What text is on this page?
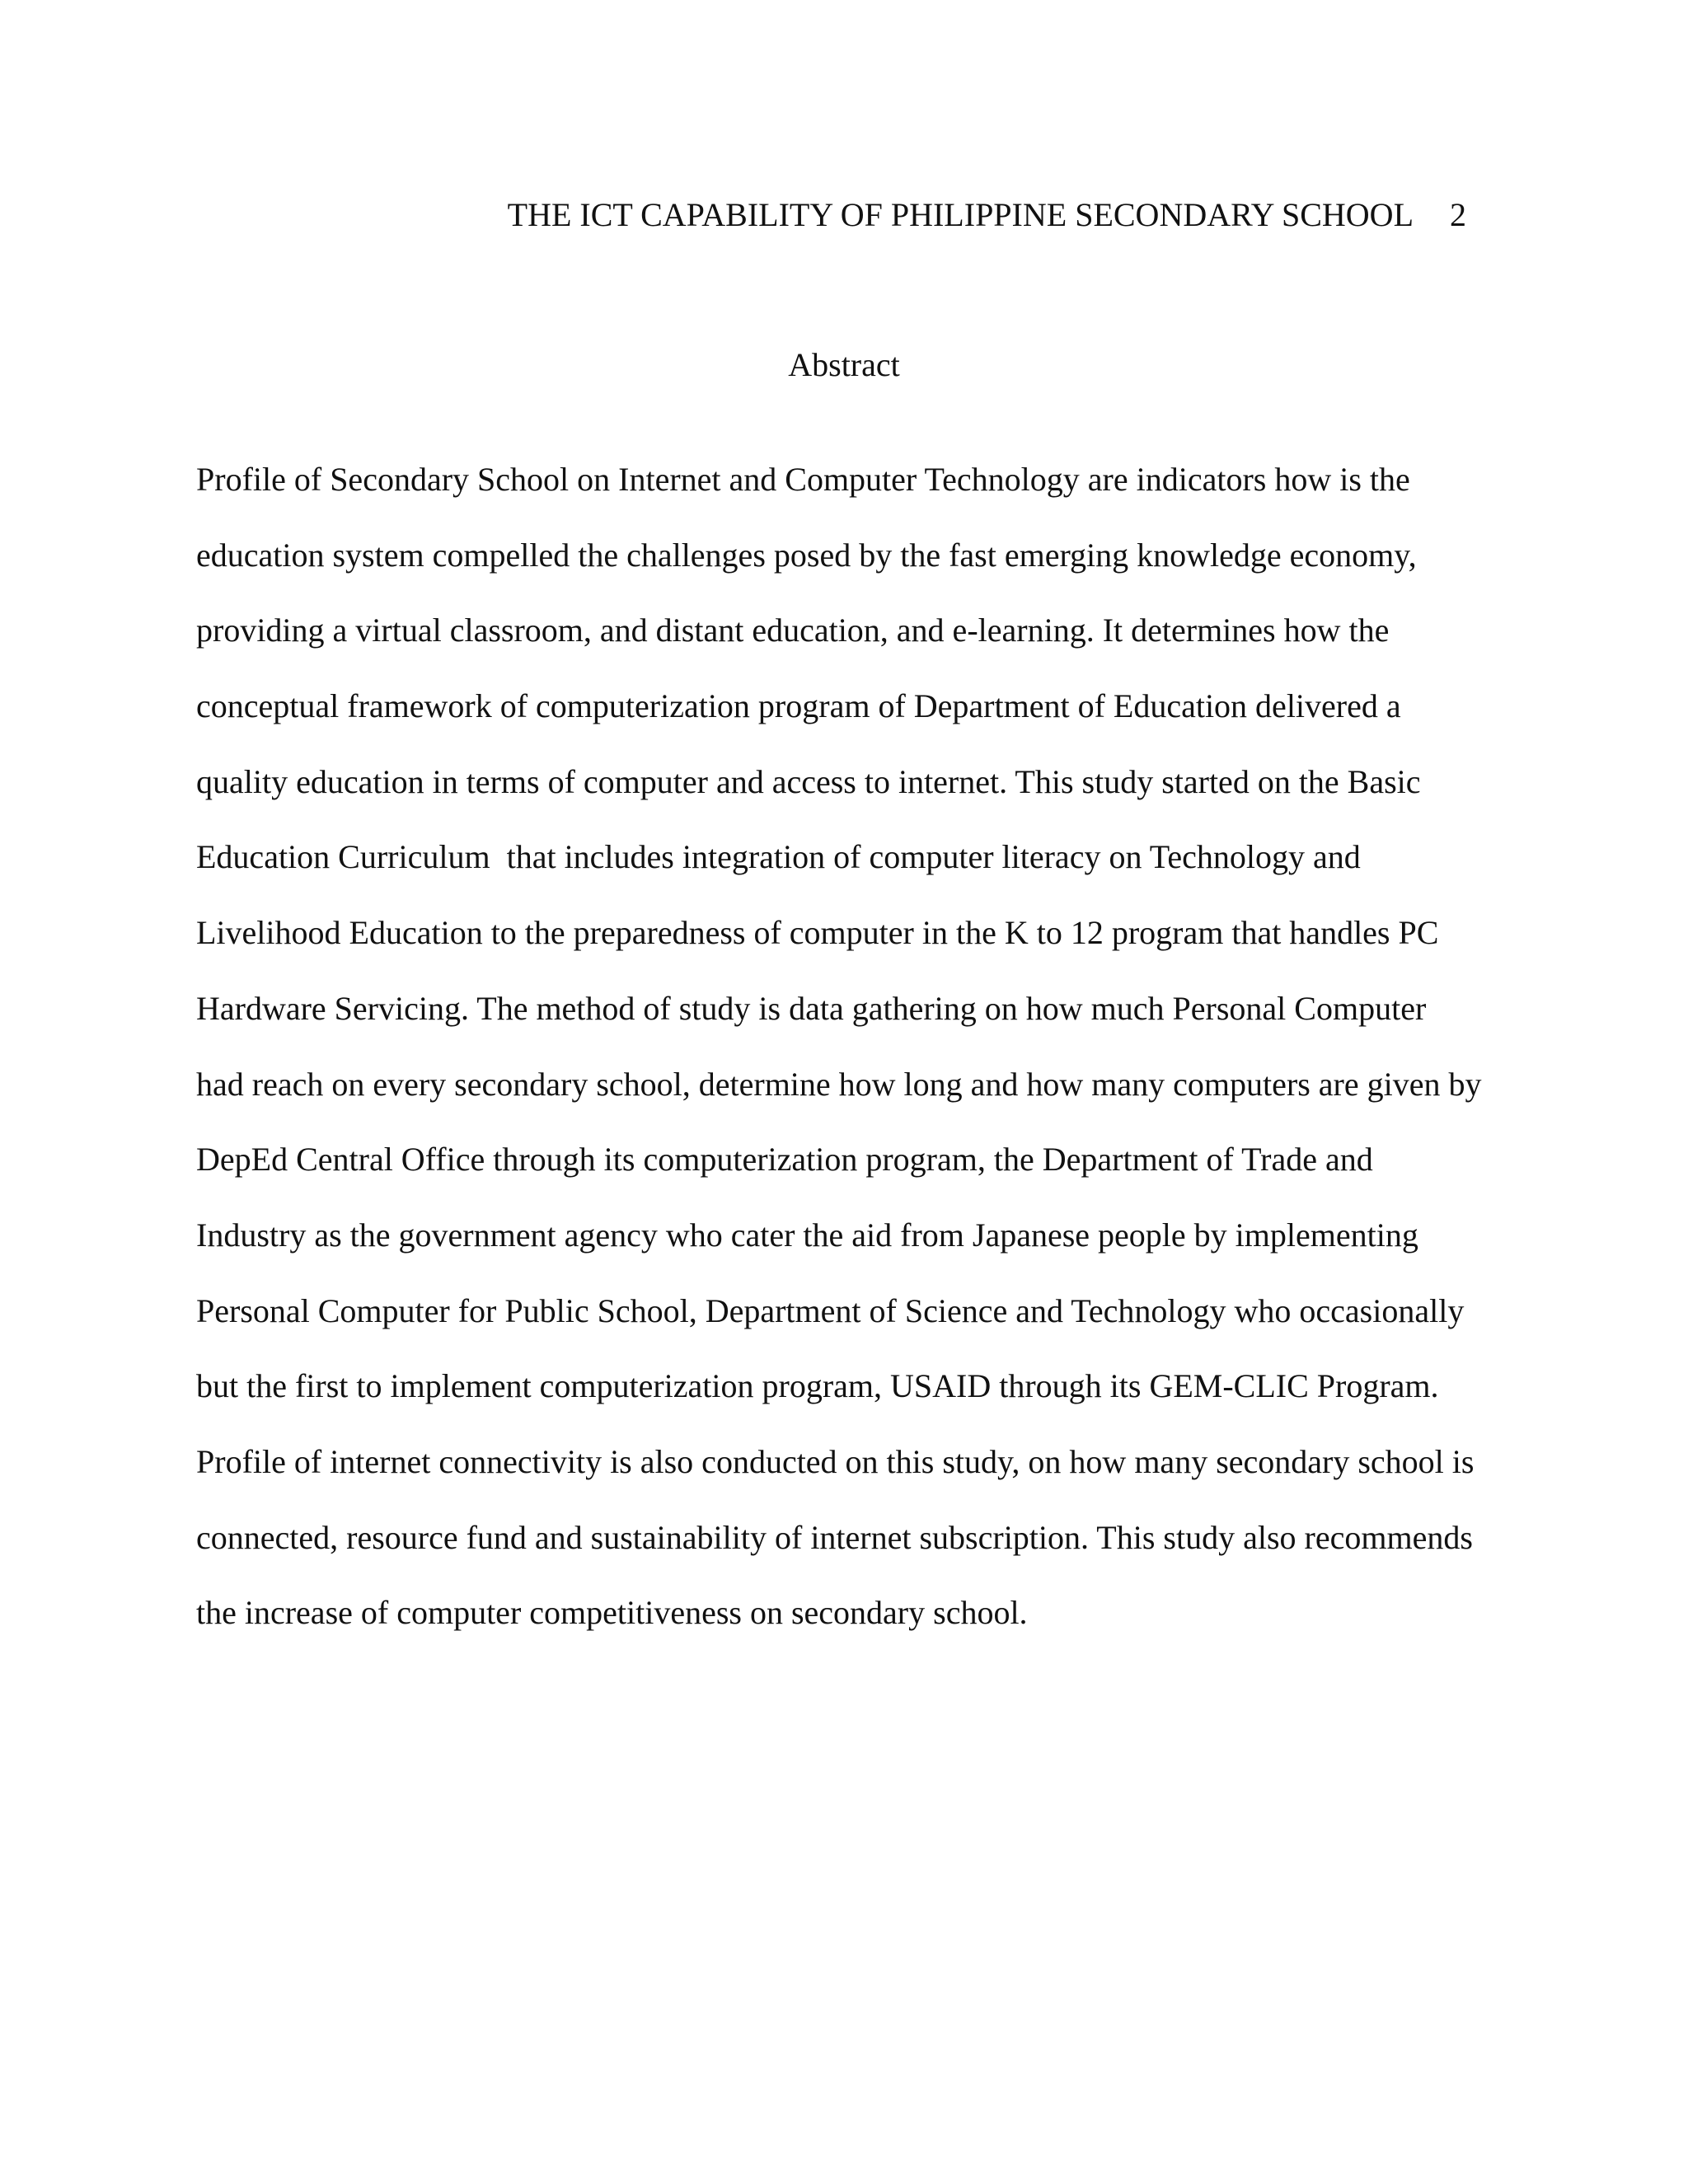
THE ICT CAPABILITY OF PHILIPPINE SECONDARY SCHOOL 2
Abstract
Profile of Secondary School on Internet and Computer Technology are indicators how is the
education system compelled the challenges posed by the fast emerging knowledge economy,
providing a virtual classroom, and distant education, and e-learning. It determines how the
conceptual framework of computerization program of Department of Education delivered a
quality education in terms of computer and access to internet. This study started on the Basic
Education Curriculum  that includes integration of computer literacy on Technology and
Livelihood Education to the preparedness of computer in the K to 12 program that handles PC
Hardware Servicing. The method of study is data gathering on how much Personal Computer
had reach on every secondary school, determine how long and how many computers are given by
DepEd Central Office through its computerization program, the Department of Trade and
Industry as the government agency who cater the aid from Japanese people by implementing
Personal Computer for Public School, Department of Science and Technology who occasionally
but the first to implement computerization program, USAID through its GEM-CLIC Program.
Profile of internet connectivity is also conducted on this study, on how many secondary school is
connected, resource fund and sustainability of internet subscription. This study also recommends
the increase of computer competitiveness on secondary school.
